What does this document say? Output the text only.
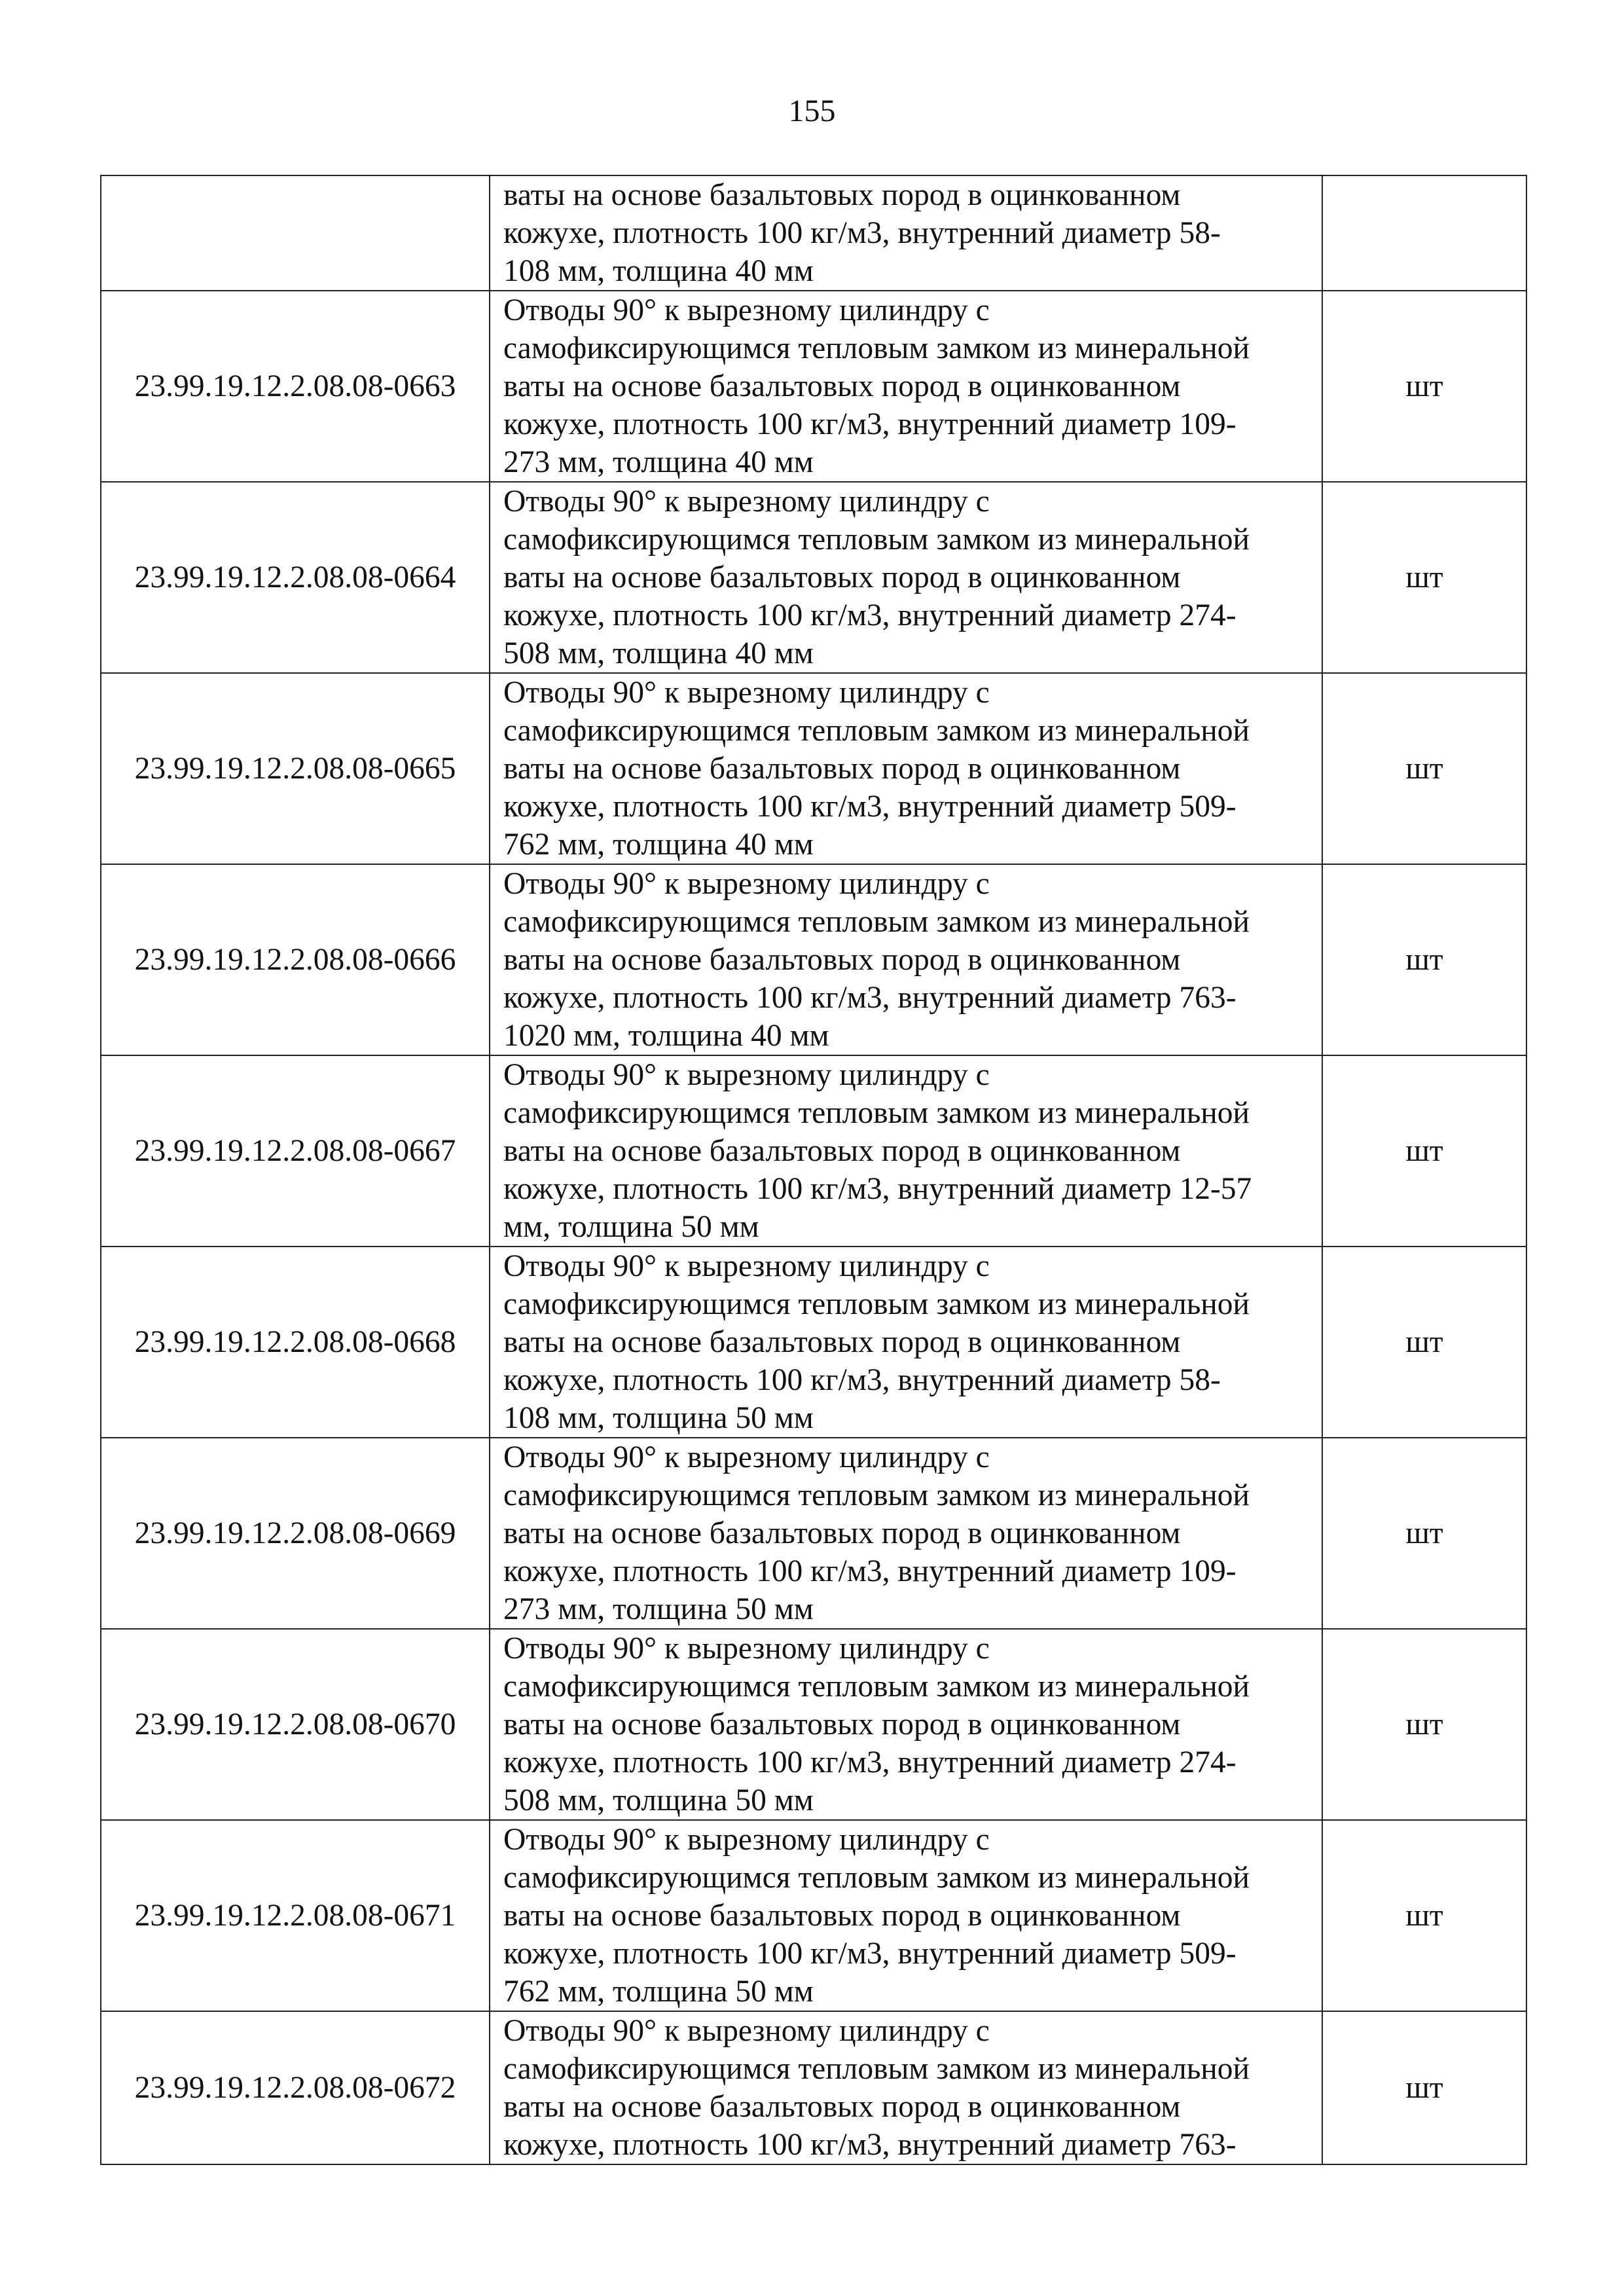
155

	ваты на основе базальтовых пород в оцинкованном
кожухе, плотность 100 кг/м3, внутренний диаметр 58-
108 мм, толщина 40 мм	

23.99.19.12.2.08.08-0663	Отводы 90° к вырезному цилиндру с
самофиксирующимся тепловым замком из минеральной
ваты на основе базальтовых пород в оцинкованном
кожухе, плотность 100 кг/м3, внутренний диаметр 109-
273 мм, толщина 40 мм	шт
23.99.19.12.2.08.08-0664	Отводы 90° к вырезному цилиндру с
самофиксирующимся тепловым замком из минеральной
ваты на основе базальтовых пород в оцинкованном
кожухе, плотность 100 кг/м3, внутренний диаметр 274-
508 мм, толщина 40 мм	шт
23.99.19.12.2.08.08-0665	Отводы 90° к вырезному цилиндру с
самофиксирующимся тепловым замком из минеральной
ваты на основе базальтовых пород в оцинкованном
кожухе, плотность 100 кг/м3, внутренний диаметр 509-
762 мм, толщина 40 мм	шт
23.99.19.12.2.08.08-0666	Отводы 90° к вырезному цилиндру с
самофиксирующимся тепловым замком из минеральной
ваты на основе базальтовых пород в оцинкованном
кожухе, плотность 100 кг/м3, внутренний диаметр 763-
1020 мм, толщина 40 мм	шт
23.99.19.12.2.08.08-0667	Отводы 90° к вырезному цилиндру с
самофиксирующимся тепловым замком из минеральной
ваты на основе базальтовых пород в оцинкованном
кожухе, плотность 100 кг/м3, внутренний диаметр 12-57
мм, толщина 50 мм	шт
23.99.19.12.2.08.08-0668	Отводы 90° к вырезному цилиндру с
самофиксирующимся тепловым замком из минеральной
ваты на основе базальтовых пород в оцинкованном
кожухе, плотность 100 кг/м3, внутренний диаметр 58-
108 мм, толщина 50 мм	шт
23.99.19.12.2.08.08-0669	Отводы 90° к вырезному цилиндру с
самофиксирующимся тепловым замком из минеральной
ваты на основе базальтовых пород в оцинкованном
кожухе, плотность 100 кг/м3, внутренний диаметр 109-
273 мм, толщина 50 мм	шт
23.99.19.12.2.08.08-0670	Отводы 90° к вырезному цилиндру с
самофиксирующимся тепловым замком из минеральной
ваты на основе базальтовых пород в оцинкованном
кожухе, плотность 100 кг/м3, внутренний диаметр 274-
508 мм, толщина 50 мм	шт
23.99.19.12.2.08.08-0671	Отводы 90° к вырезному цилиндру с
самофиксирующимся тепловым замком из минеральной
ваты на основе базальтовых пород в оцинкованном
кожухе, плотность 100 кг/м3, внутренний диаметр 509-
762 мм, толщина 50 мм	шт
23.99.19.12.2.08.08-0672	Отводы 90° к вырезному цилиндру с
самофиксирующимся тепловым замком из минеральной
ваты на основе базальтовых пород в оцинкованном
кожухе, плотность 100 кг/м3, внутренний диаметр 763-	шт
